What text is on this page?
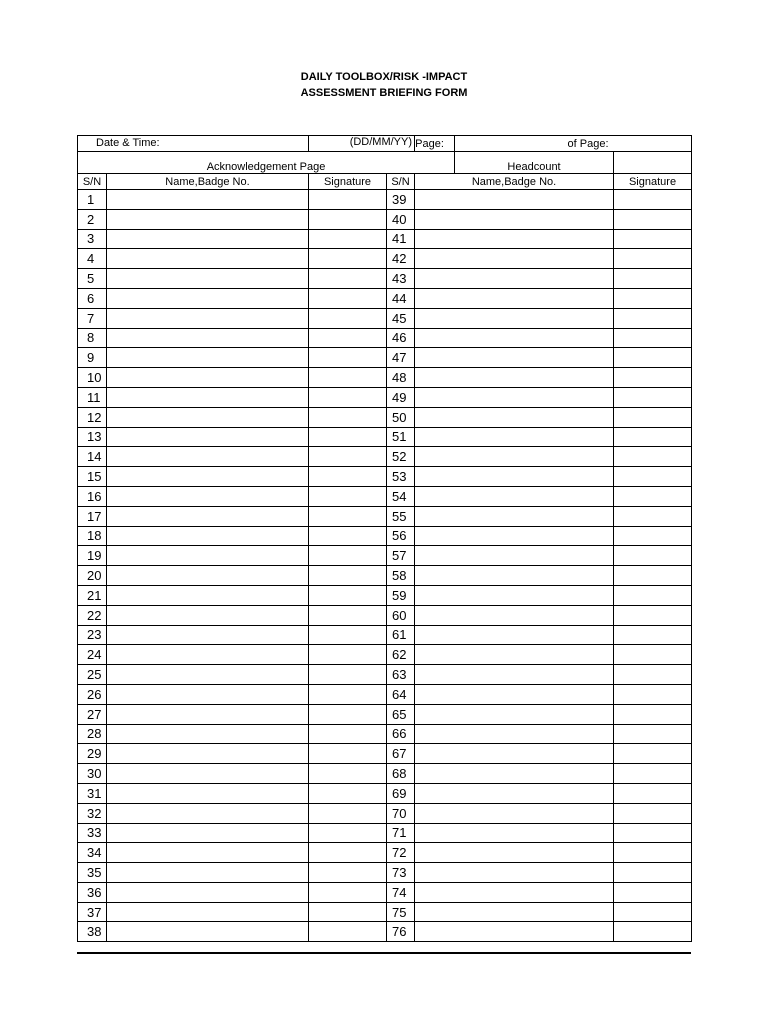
DAILY TOOLBOX/RISK -IMPACT
ASSESSMENT BRIEFING FORM
Date & Time:		(DD/MM/YY)		Page:	of Page:	
Acknowledgement Page					Headcount	
S/N	Name,Badge No.	Signature	S/N	Name,Badge No.		Signature
1			39			
2			40			
3			41			
4			42			
5			43			
6			44			
7			45			
8			46			
9			47			
10			48			
11			49			
12			50			
13			51			
14			52			
15			53			
16			54			
17			55			
18			56			
19			57			
20			58			
21			59			
22			60			
23			61			
24			62			
25			63			
26			64			
27			65			
28			66			
29			67			
30			68			
31			69			
32			70			
33			71			
34			72			
35			73			
36			74			
37			75			
38			76			
